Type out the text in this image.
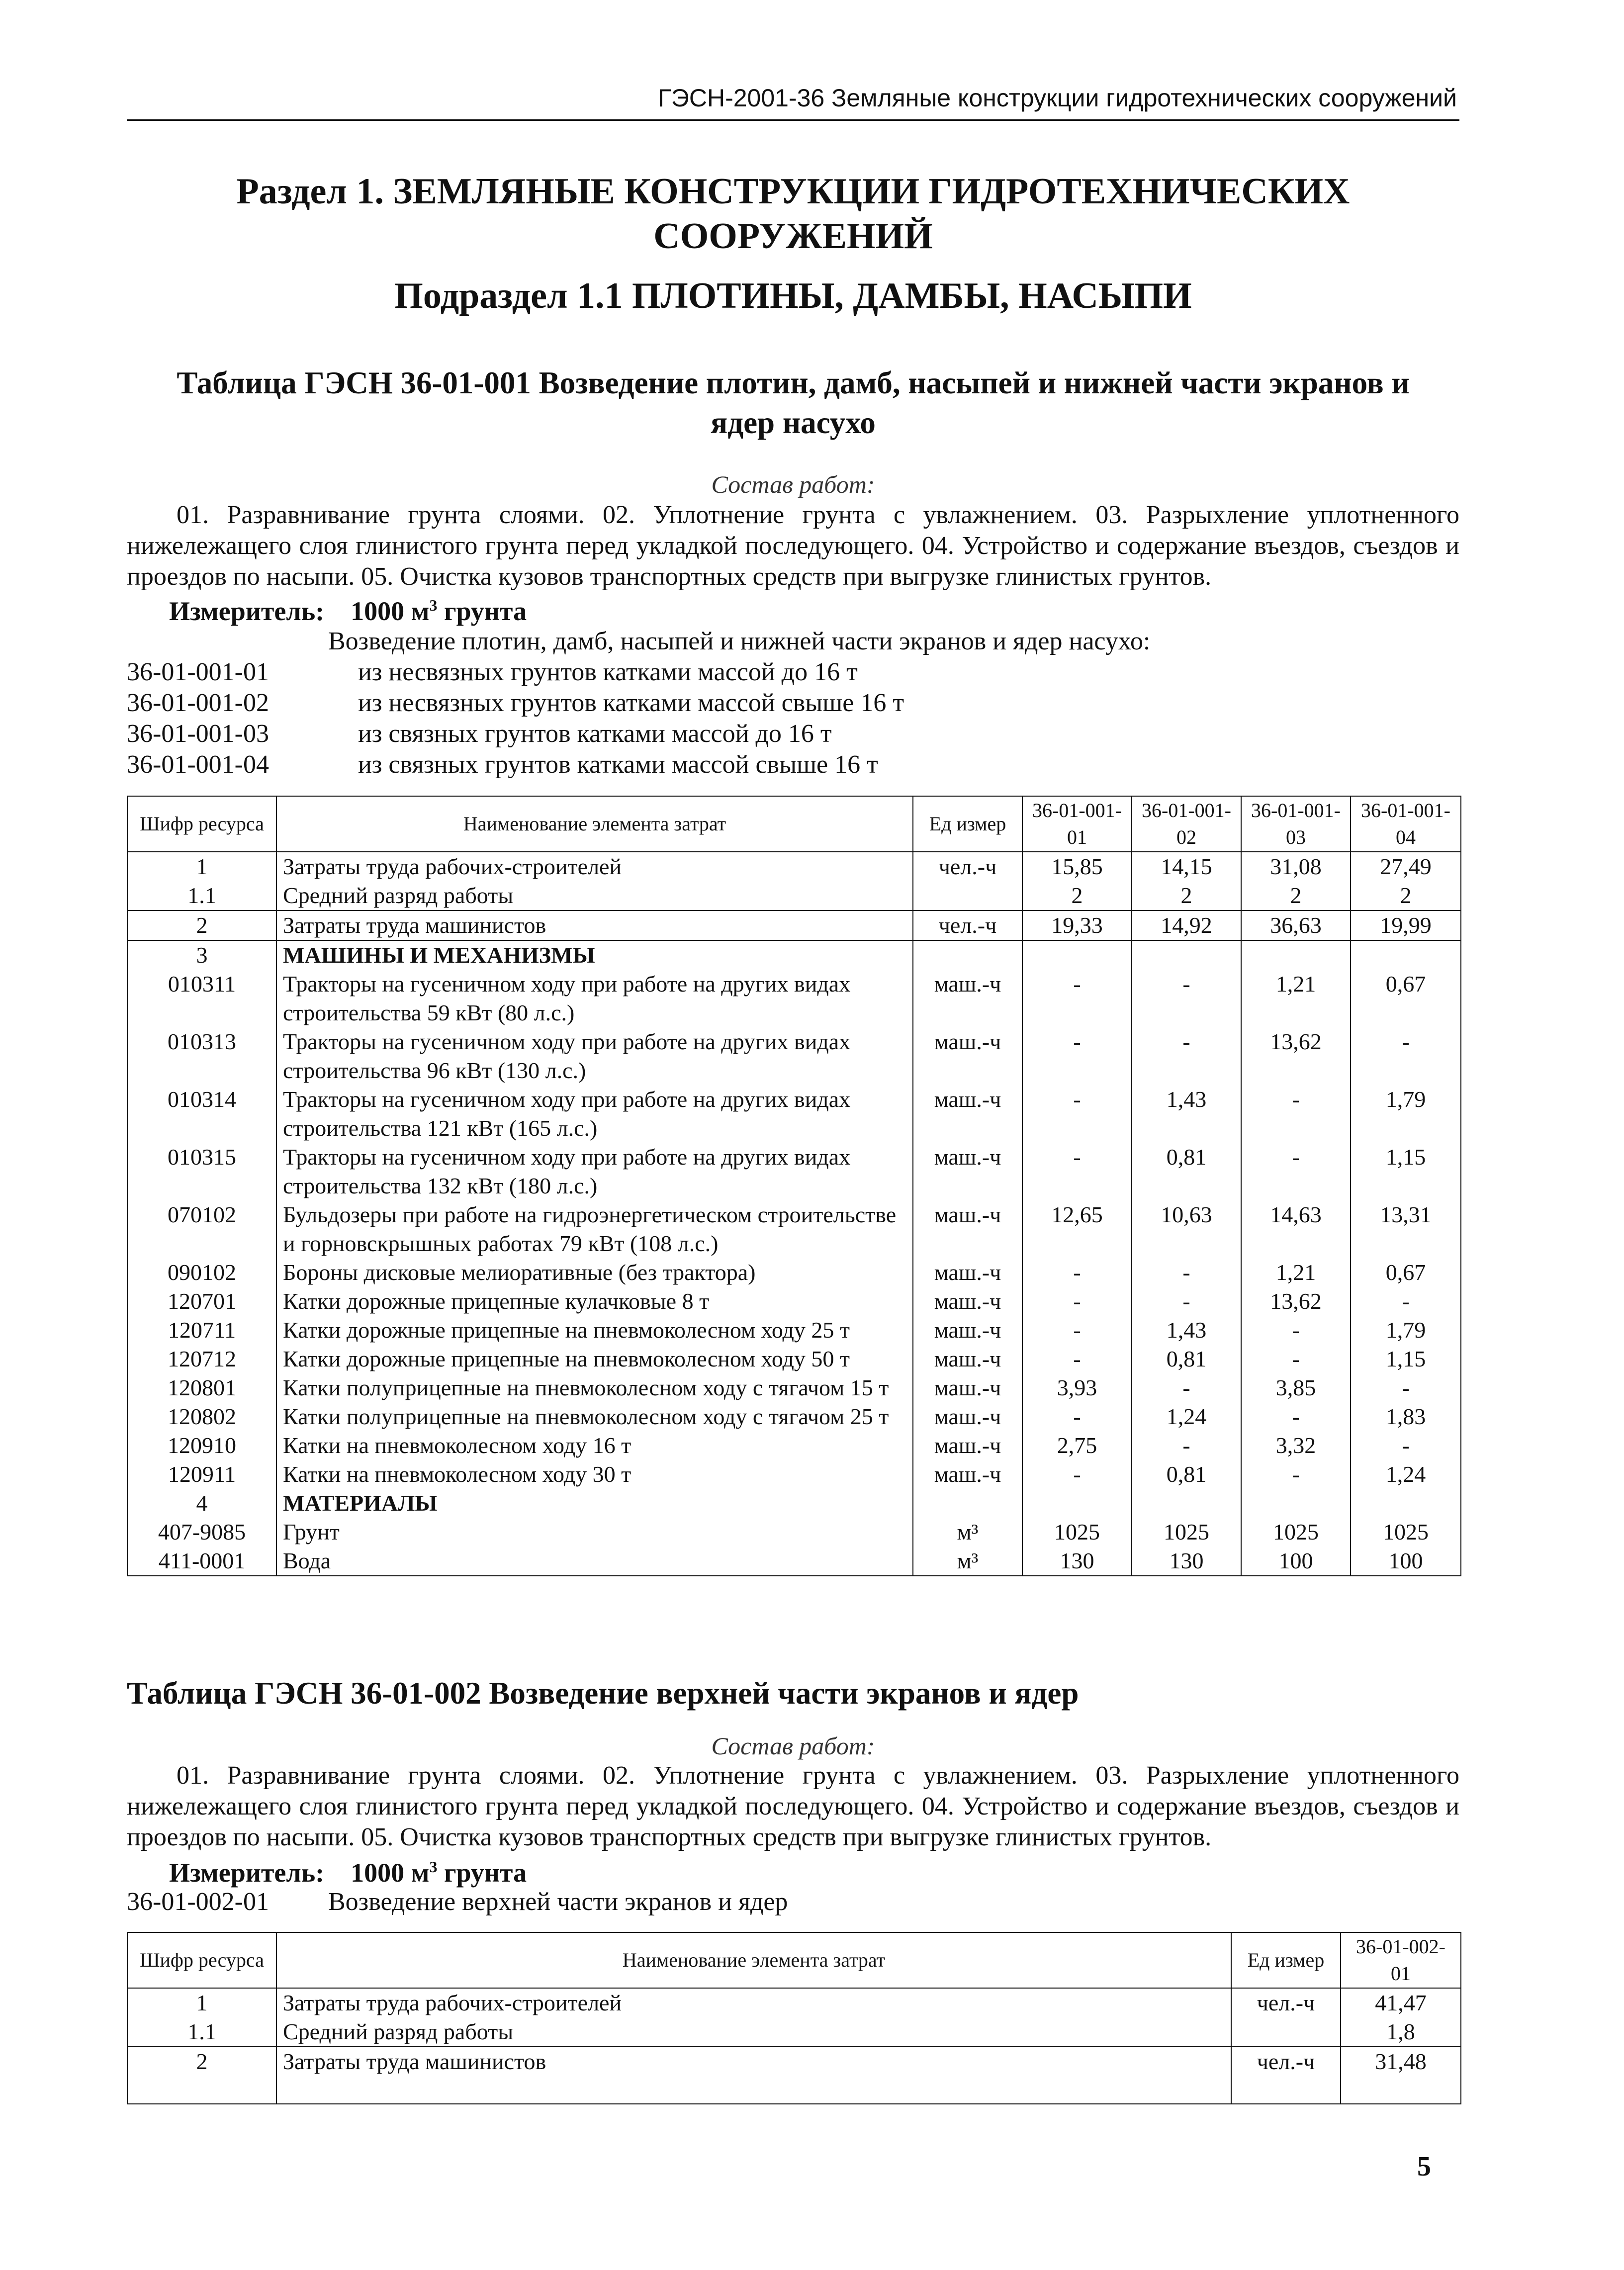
ГЭСН-2001-36 Земляные конструкции гидротехнических сооружений
Раздел 1. ЗЕМЛЯНЫЕ КОНСТРУКЦИИ ГИДРОТЕХНИЧЕСКИХ
СООРУЖЕНИЙ
Подраздел 1.1 ПЛОТИНЫ, ДАМБЫ, НАСЫПИ
Таблица ГЭСН 36-01-001 Возведение плотин, дамб, насыпей и нижней части экранов и
ядер насухо
Состав работ:
01. Разравнивание грунта слоями. 02. Уплотнение грунта с увлажнением. 03. Разрыхление уплотненного нижележащего слоя глинистого грунта перед укладкой последующего. 04. Устройство и содержание въездов, съездов и проездов по насыпи. 05. Очистка кузовов транспортных средств при выгрузке глинистых грунтов.
Измеритель: 1000 $м^3$ грунта
Возведение плотин, дамб, насыпей и нижней части экранов и ядер насухо:
36-01-001-01	из несвязных грунтов катками массой до 16 т
36-01-001-02	из несвязных грунтов катками массой свыше 16 т
36-01-001-03	из связных грунтов катками массой до 16 т
36-01-001-04	из связных грунтов катками массой свыше 16 т
Шифр ресурса	Наименование элемента затрат	Ед измер	36-01-001-01	36-01-001-02	36-01-001-03	36-01-001-04
1	Затраты труда рабочих-строителей	чел.-ч	15,85	14,15	31,08	27,49
1.1	Средний разряд работы		2	2	2	2
2	Затраты труда машинистов	чел.-ч	19,33	14,92	36,63	19,99
3	МАШИНЫ И МЕХАНИЗМЫ					
010311	Тракторы на гусеничном ходу при работе на других видах строительства 59 кВт (80 л.с.)	маш.-ч	-	-	1,21	0,67
010313	Тракторы на гусеничном ходу при работе на других видах строительства 96 кВт (130 л.с.)	маш.-ч	-	-	13,62	-
010314	Тракторы на гусеничном ходу при работе на других видах строительства 121 кВт (165 л.с.)	маш.-ч	-	1,43	-	1,79
010315	Тракторы на гусеничном ходу при работе на других видах строительства 132 кВт (180 л.с.)	маш.-ч	-	0,81	-	1,15
070102	Бульдозеры при работе на гидроэнергетическом строительстве и горновскрышных работах 79 кВт (108 л.с.)	маш.-ч	12,65	10,63	14,63	13,31
090102	Бороны дисковые мелиоративные (без трактора)	маш.-ч	-	-	1,21	0,67
120701	Катки дорожные прицепные кулачковые 8 т	маш.-ч	-	-	13,62	-
120711	Катки дорожные прицепные на пневмоколесном ходу 25 т	маш.-ч	-	1,43	-	1,79
120712	Катки дорожные прицепные на пневмоколесном ходу 50 т	маш.-ч	-	0,81	-	1,15
120801	Катки полуприцепные на пневмоколесном ходу с тягачом 15 т	маш.-ч	3,93	-	3,85	-
120802	Катки полуприцепные на пневмоколесном ходу с тягачом 25 т	маш.-ч	-	1,24	-	1,83
120910	Катки на пневмоколесном ходу 16 т	маш.-ч	2,75	-	3,32	-
120911	Катки на пневмоколесном ходу 30 т	маш.-ч	-	0,81	-	1,24
4	МАТЕРИАЛЫ					
407-9085	Грунт	м³	1025	1025	1025	1025
411-0001	Вода	м³	130	130	100	100
Таблица ГЭСН 36-01-002 Возведение верхней части экранов и ядер
Состав работ:
01. Разравнивание грунта слоями. 02. Уплотнение грунта с увлажнением. 03. Разрыхление уплотненного нижележащего слоя глинистого грунта перед укладкой последующего. 04. Устройство и содержание въездов, съездов и проездов по насыпи. 05. Очистка кузовов транспортных средств при выгрузке глинистых грунтов.
Измеритель: 1000 $м^3$ грунта
36-01-002-01 Возведение верхней части экранов и ядер
Шифр ресурса	Наименование элемента затрат	Ед измер	36-01-002-01
1	Затраты труда рабочих-строителей	чел.-ч	41,47
1.1	Средний разряд работы		1,8
2	Затраты труда машинистов	чел.-ч	31,48
5
